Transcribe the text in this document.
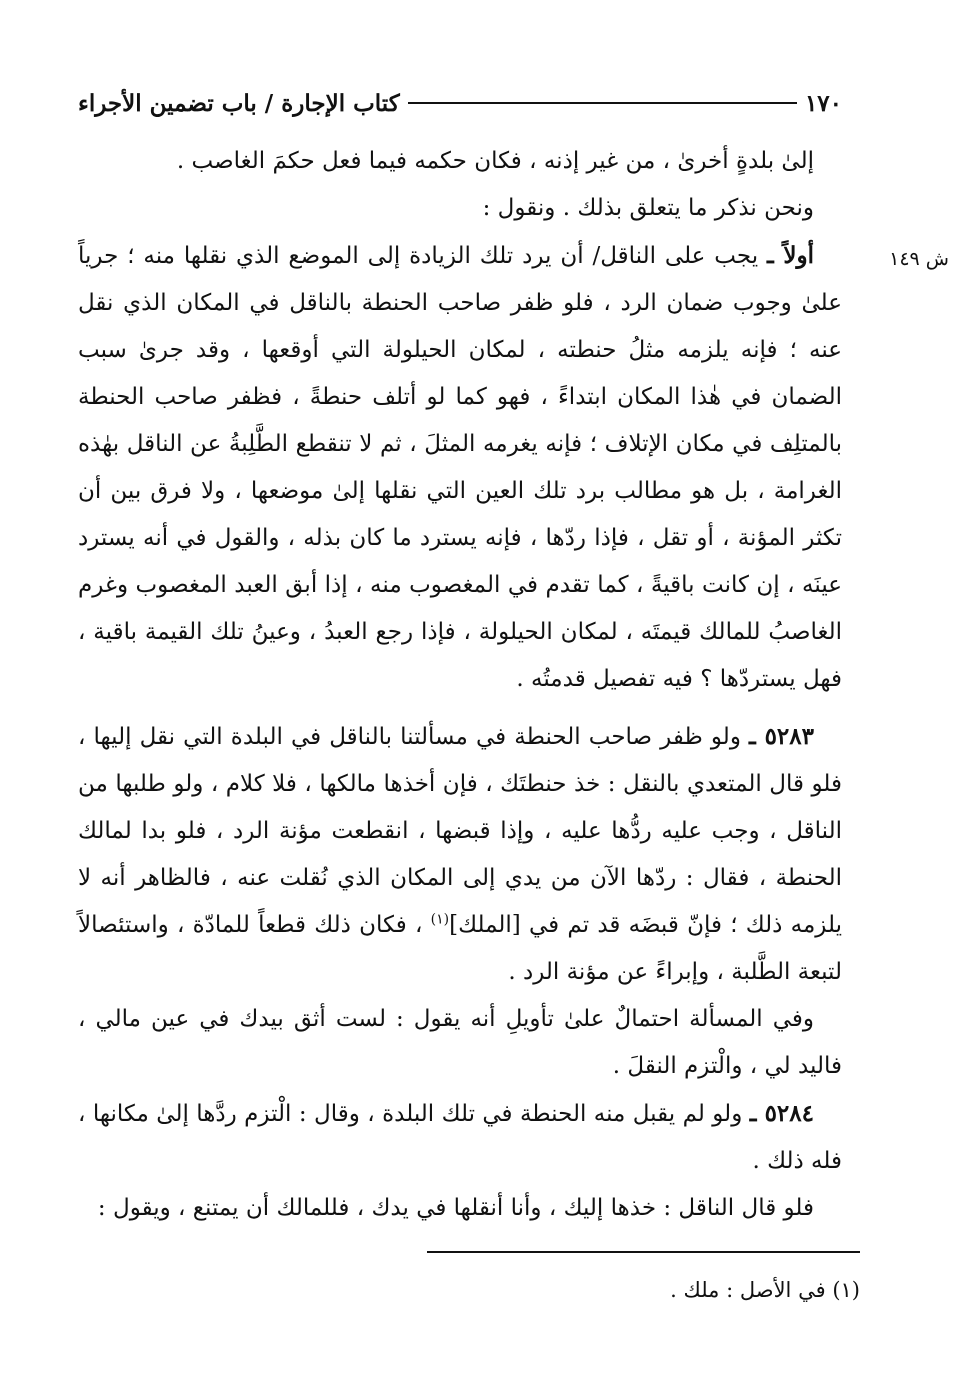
١٧٠
كتاب الإجارة / باب تضمين الأجراء
ش ١٤٩

إلىٰ بلدةٍ أخرىٰ ، من غير إذنه ، فكان حكمه فيما فعل حكمَ الغاصب .

ونحن نذكر ما يتعلق بذلك . ونقول :

أولاً ـ يجب على الناقل/ أن يرد تلك الزيادة إلى الموضع الذي نقلها منه ؛ جرياً علىٰ وجوب ضمان الرد ، فلو ظفر صاحب الحنطة بالناقل في المكان الذي نقل عنه ؛ فإنه يلزمه مثلُ حنطته ، لمكان الحيلولة التي أوقعها ، وقد جرىٰ سبب الضمان في هٰذا المكان ابتداءً ، فهو كما لو أتلف حنطةً ، فظفر صاحب الحنطة بالمتلِف في مكان الإتلاف ؛ فإنه يغرمه المثلَ ، ثم لا تنقطع الطَّلِبةُ عن الناقل بهٰذه الغرامة ، بل هو مطالب برد تلك العين التي نقلها إلىٰ موضعها ، ولا فرق بين أن تكثر المؤنة ، أو تقل ، فإذا ردّها ، فإنه يسترد ما كان بذله ، والقول في أنه يسترد عينَه ، إن كانت باقيةً ، كما تقدم في المغصوب منه ، إذا أبق العبد المغصوب وغرم الغاصبُ للمالك قيمتَه ، لمكان الحيلولة ، فإذا رجع العبدُ ، وعينُ تلك القيمة باقية ، فهل يستردّها ؟ فيه تفصيل قدمتُه .

٥٢٨٣ ـ ولو ظفر صاحب الحنطة في مسألتنا بالناقل في البلدة التي نقل إليها ، فلو قال المتعدي بالنقل : خذ حنطتَك ، فإن أخذها مالكها ، فلا كلام ، ولو طلبها من الناقل ، وجب عليه ردُّها عليه ، وإذا قبضها ، انقطعت مؤنة الرد ، فلو بدا لمالك الحنطة ، فقال : ردّها الآن من يدي إلى المكان الذي نُقلت عنه ، فالظاهر أنه لا يلزمه ذلك ؛ فإنّ قبضَه قد تم في [الملك]$^{(١)}$ ، فكان ذلك قطعاً للمادّة ، واستئصالاً لتبعة الطَّلبة ، وإبراءً عن مؤنة الرد .

وفي المسألة احتمالٌ علىٰ تأويلِ أنه يقول : لست أثق بيدك في عين مالي ، فاليد لي ، والْتزم النقلَ .

٥٢٨٤ ـ ولو لم يقبل منه الحنطة في تلك البلدة ، وقال : الْتزم ردَّها إلىٰ مكانها ، فله ذلك .

فلو قال الناقل : خذها إليك ، وأنا أنقلها في يدك ، فللمالك أن يمتنع ، ويقول :

(١) في الأصل : ملك .
